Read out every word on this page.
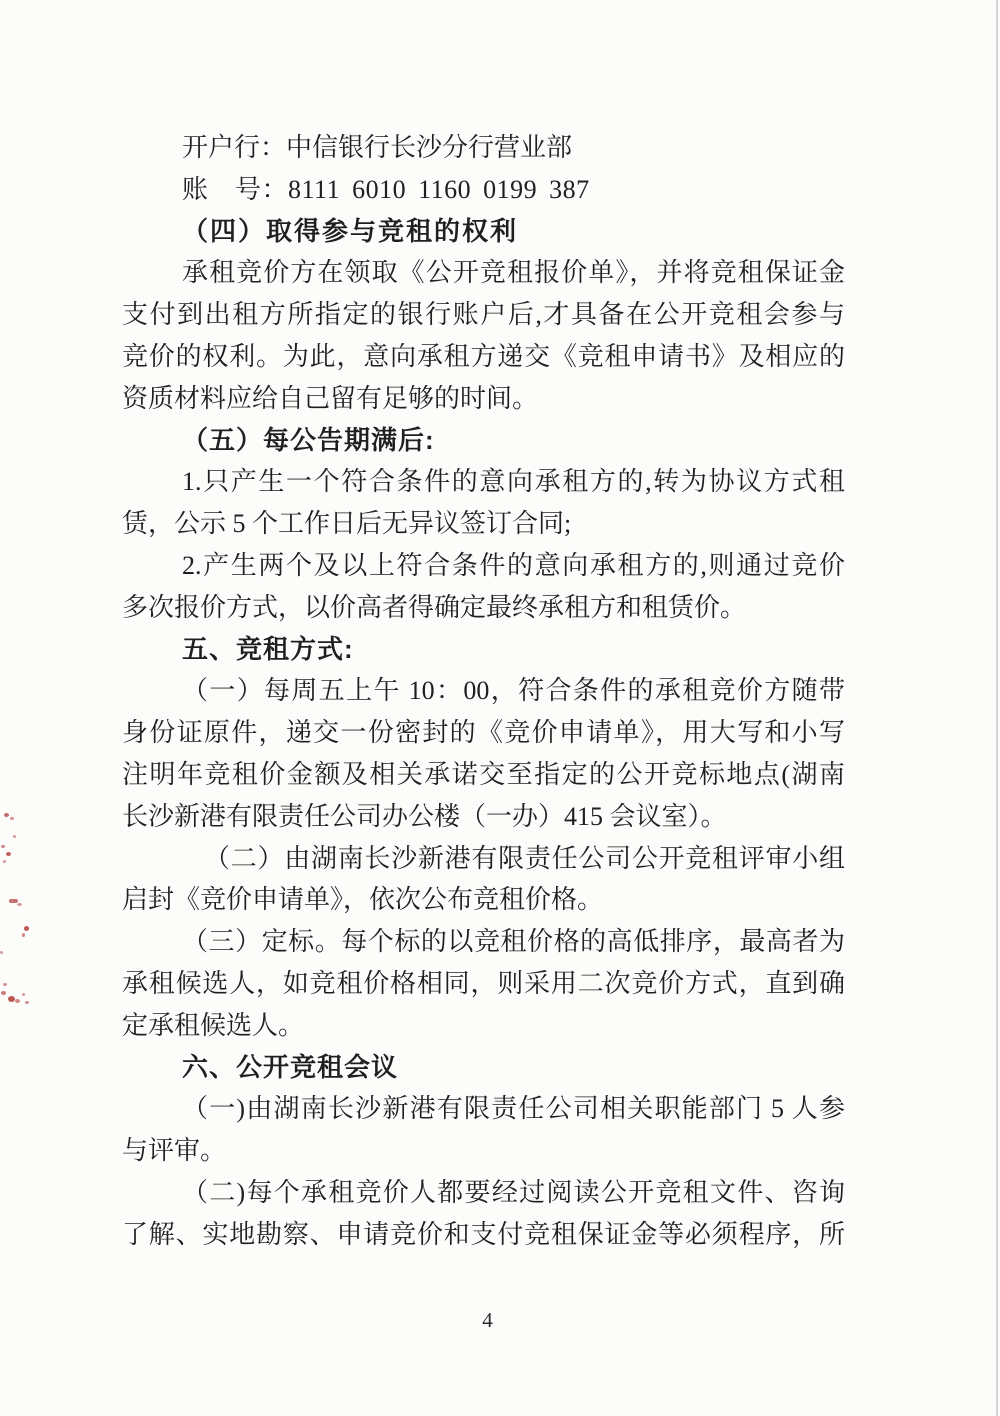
开户行：中信银行长沙分行营业部
账　号：8111 6010 1160 0199 387
（四）取得参与竞租的权利
承租竞价方在领取《公开竞租报价单》，并将竞租保证金
支付到出租方所指定的银行账户后,才具备在公开竞租会参与
竞价的权利。为此，意向承租方递交《竞租申请书》及相应的
资质材料应给自己留有足够的时间。
（五）每公告期满后:
1.只产生一个符合条件的意向承租方的,转为协议方式租
赁，公示 5 个工作日后无异议签订合同;
2.产生两个及以上符合条件的意向承租方的,则通过竞价
多次报价方式，以价高者得确定最终承租方和租赁价。
五、竞租方式:
（一）每周五上午 10：00，符合条件的承租竞价方随带
身份证原件，递交一份密封的《竞价申请单》，用大写和小写
注明年竞租价金额及相关承诺交至指定的公开竞标地点(湖南
长沙新港有限责任公司办公楼（一办）415 会议室）。
（二）由湖南长沙新港有限责任公司公开竞租评审小组
启封《竞价申请单》，依次公布竞租价格。
（三）定标。每个标的以竞租价格的高低排序，最高者为
承租候选人，如竞租价格相同，则采用二次竞价方式，直到确
定承租候选人。
六、公开竞租会议
（一)由湖南长沙新港有限责任公司相关职能部门 5 人参
与评审。
（二)每个承租竞价人都要经过阅读公开竞租文件、咨询
了解、实地勘察、申请竞价和支付竞租保证金等必须程序，所
4
